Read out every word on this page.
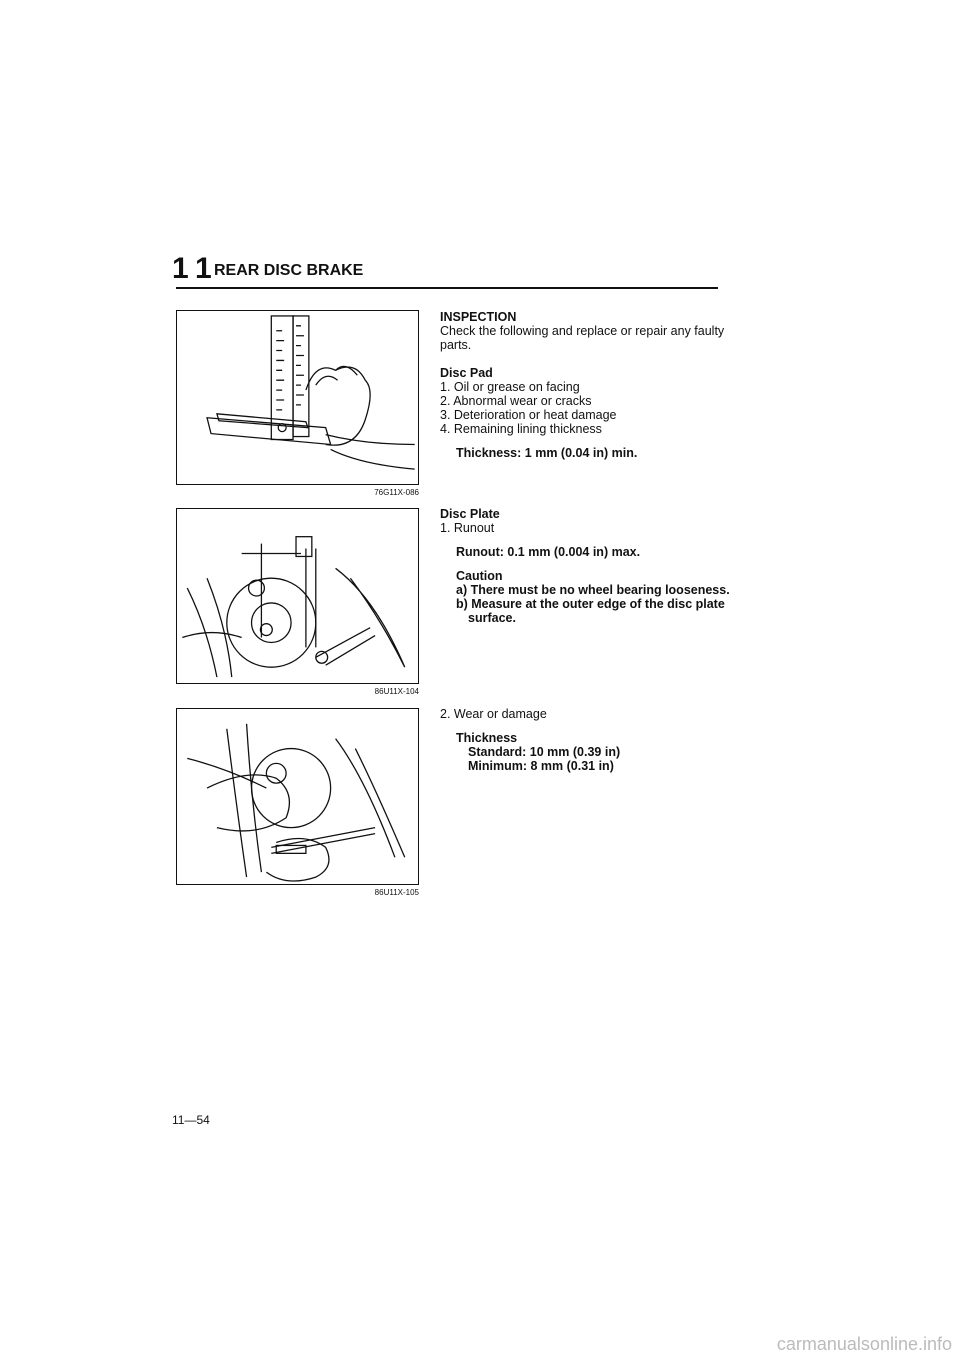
1 1 REAR DISC BRAKE
76G11X-086
86U11X-104
86U11X-105
INSPECTION
Check the following and replace or repair any faulty parts.
Disc Pad
1. Oil or grease on facing
2. Abnormal wear or cracks
3. Deterioration or heat damage
4. Remaining lining thickness
Thickness: 1 mm (0.04 in) min.
Disc Plate
1. Runout
Runout: 0.1 mm (0.004 in) max.
Caution
a) There must be no wheel bearing looseness.
b) Measure at the outer edge of the disc plate surface.
2. Wear or damage
Thickness
Standard: 10 mm (0.39 in)
Minimum: 8 mm (0.31 in)
11—54
carmanualsonline.info
